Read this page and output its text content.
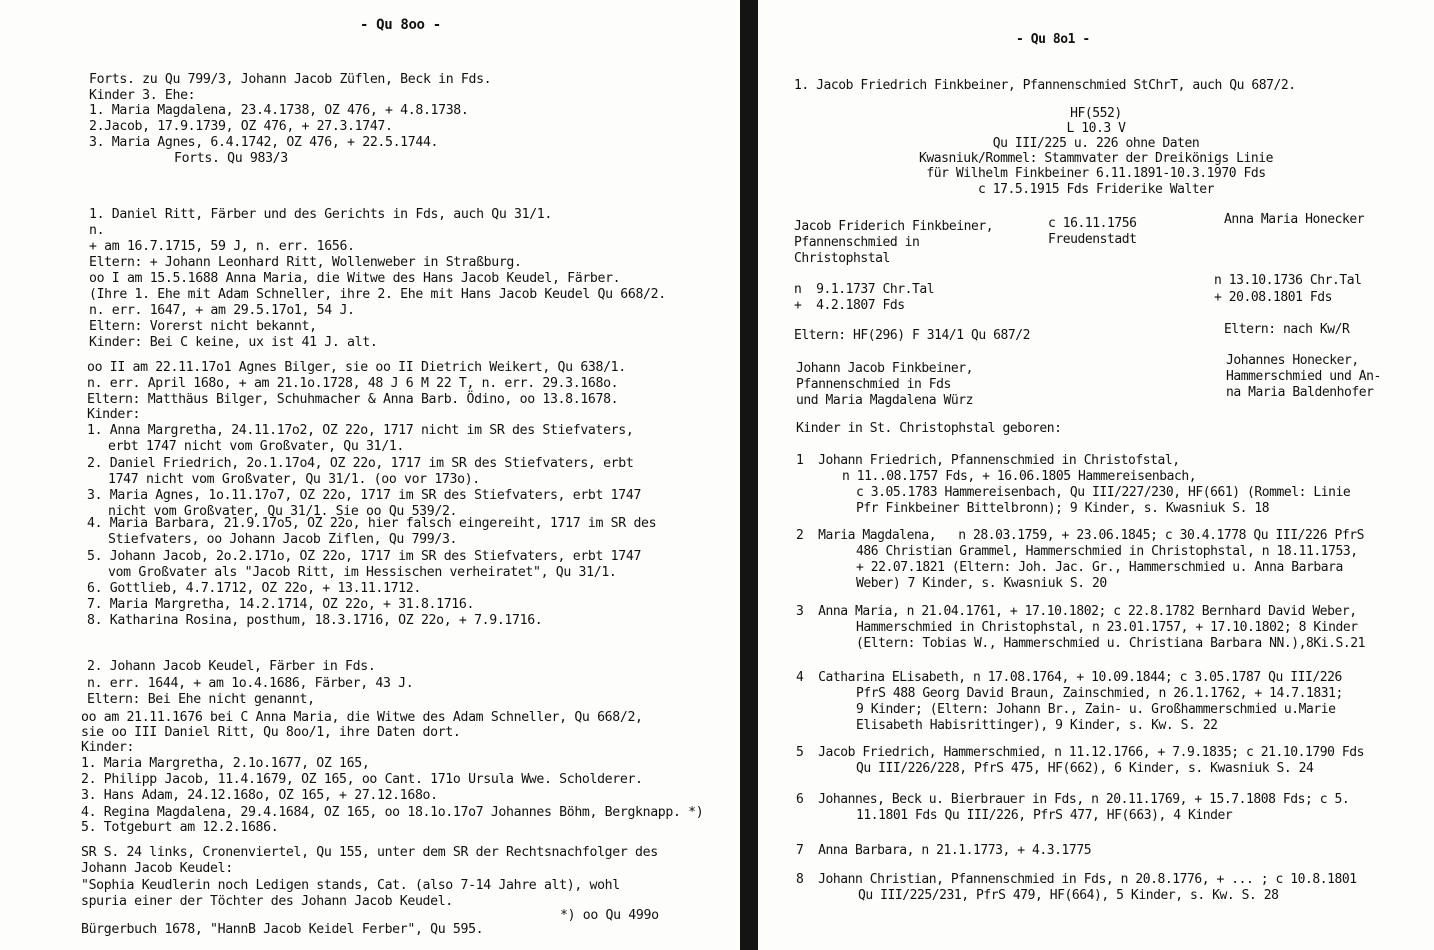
- Qu 8oo -
Forts. zu Qu 799/3, Johann Jacob Züflen, Beck in Fds.
Kinder 3. Ehe:
1. Maria Magdalena, 23.4.1738, OZ 476, + 4.8.1738.
2.Jacob, 17.9.1739, OZ 476, + 27.3.1747.
3. Maria Agnes, 6.4.1742, OZ 476, + 22.5.1744.
Forts. Qu 983/3
1. Daniel Ritt, Färber und des Gerichts in Fds, auch Qu 31/1.
n.
+ am 16.7.1715, 59 J, n. err. 1656.
Eltern: + Johann Leonhard Ritt, Wollenweber in Straßburg.
oo I am 15.5.1688 Anna Maria, die Witwe des Hans Jacob Keudel, Färber.
(Ihre 1. Ehe mit Adam Schneller, ihre 2. Ehe mit Hans Jacob Keudel Qu 668/2.
n. err. 1647, + am 29.5.17o1, 54 J.
Eltern: Vorerst nicht bekannt,
Kinder: Bei C keine, ux ist 41 J. alt.
oo II am 22.11.17o1 Agnes Bilger, sie oo II Dietrich Weikert, Qu 638/1.
n. err. April 168o, + am 21.1o.1728, 48 J 6 M 22 T, n. err. 29.3.168o.
Eltern: Matthäus Bilger, Schuhmacher & Anna Barb. Ödino, oo 13.8.1678.
Kinder:
1. Anna Margretha, 24.11.17o2, OZ 22o, 1717 nicht im SR des Stiefvaters,
erbt 1747 nicht vom Großvater, Qu 31/1.
2. Daniel Friedrich, 2o.1.17o4, OZ 22o, 1717 im SR des Stiefvaters, erbt
1747 nicht vom Großvater, Qu 31/1. (oo vor 173o).
3. Maria Agnes, 1o.11.17o7, OZ 22o, 1717 im SR des Stiefvaters, erbt 1747
nicht vom Großvater, Qu 31/1. Sie oo Qu 539/2.
4. Maria Barbara, 21.9.17o5, OZ 22o, hier falsch eingereiht, 1717 im SR des
Stiefvaters, oo Johann Jacob Ziflen, Qu 799/3.
5. Johann Jacob, 2o.2.171o, OZ 22o, 1717 im SR des Stiefvaters, erbt 1747
vom Großvater als "Jacob Ritt, im Hessischen verheiratet", Qu 31/1.
6. Gottlieb, 4.7.1712, OZ 22o, + 13.11.1712.
7. Maria Margretha, 14.2.1714, OZ 22o, + 31.8.1716.
8. Katharina Rosina, posthum, 18.3.1716, OZ 22o, + 7.9.1716.
2. Johann Jacob Keudel, Färber in Fds.
n. err. 1644, + am 1o.4.1686, Färber, 43 J.
Eltern: Bei Ehe nicht genannt,
oo am 21.11.1676 bei C Anna Maria, die Witwe des Adam Schneller, Qu 668/2,
sie oo III Daniel Ritt, Qu 8oo/1, ihre Daten dort.
Kinder:
1. Maria Margretha, 2.1o.1677, OZ 165,
2. Philipp Jacob, 11.4.1679, OZ 165, oo Cant. 171o Ursula Wwe. Scholderer.
3. Hans Adam, 24.12.168o, OZ 165, + 27.12.168o.
4. Regina Magdalena, 29.4.1684, OZ 165, oo 18.1o.17o7 Johannes Böhm, Bergknapp. *)
5. Totgeburt am 12.2.1686.
SR S. 24 links, Cronenviertel, Qu 155, unter dem SR der Rechtsnachfolger des
Johann Jacob Keudel:
"Sophia Keudlerin noch Ledigen stands, Cat. (also 7-14 Jahre alt), wohl
spuria einer der Töchter des Johann Jacob Keudel.
*) oo Qu 499o
Bürgerbuch 1678, "HannB Jacob Keidel Ferber", Qu 595.
- Qu 8o1 -
1. Jacob Friedrich Finkbeiner, Pfannenschmied StChrT, auch Qu 687/2.
HF(552)
L 10.3 V
Qu III/225 u. 226 ohne Daten
Kwasniuk/Rommel: Stammvater der Dreikönigs Linie
für Wilhelm Finkbeiner 6.11.1891-10.3.1970 Fds
c 17.5.1915 Fds Friderike Walter
Jacob Friderich Finkbeiner,
Pfannenschmied in
Christophstal
c 16.11.1756
Freudenstadt
Anna Maria Honecker
n  9.1.1737 Chr.Tal
+  4.2.1807 Fds
n 13.10.1736 Chr.Tal
+ 20.08.1801 Fds
Eltern: HF(296) F 314/1 Qu 687/2	Eltern: nach Kw/R
Johann Jacob Finkbeiner,
Pfannenschmied in Fds
und Maria Magdalena Würz
Johannes Honecker,
Hammerschmied und An-
na Maria Baldenhofer
Kinder in St. Christophstal geboren:
1  Johann Friedrich, Pfannenschmied in Christofstal,
n 11..08.1757 Fds, + 16.06.1805 Hammereisenbach,
c 3.05.1783 Hammereisenbach, Qu III/227/230, HF(661) (Rommel: Linie
Pfr Finkbeiner Bittelbronn); 9 Kinder, s. Kwasniuk S. 18
2  Maria Magdalena,   n 28.03.1759, + 23.06.1845; c 30.4.1778 Qu III/226 PfrS
486 Christian Grammel, Hammerschmied in Christophstal, n 18.11.1753,
+ 22.07.1821 (Eltern: Joh. Jac. Gr., Hammerschmied u. Anna Barbara
Weber) 7 Kinder, s. Kwasniuk S. 20
3  Anna Maria, n 21.04.1761, + 17.10.1802; c 22.8.1782 Bernhard David Weber,
Hammerschmied in Christophstal, n 23.01.1757, + 17.10.1802; 8 Kinder
(Eltern: Tobias W., Hammerschmied u. Christiana Barbara NN.),8Ki.S.21
4  Catharina ELisabeth, n 17.08.1764, + 10.09.1844; c 3.05.1787 Qu III/226
PfrS 488 Georg David Braun, Zainschmied, n 26.1.1762, + 14.7.1831;
9 Kinder; (Eltern: Johann Br., Zain- u. Großhammerschmied u.Marie
Elisabeth Habisrittinger), 9 Kinder, s. Kw. S. 22
5  Jacob Friedrich, Hammerschmied, n 11.12.1766, + 7.9.1835; c 21.10.1790 Fds
Qu III/226/228, PfrS 475, HF(662), 6 Kinder, s. Kwasniuk S. 24
6  Johannes, Beck u. Bierbrauer in Fds, n 20.11.1769, + 15.7.1808 Fds; c 5.
11.1801 Fds Qu III/226, PfrS 477, HF(663), 4 Kinder
7  Anna Barbara, n 21.1.1773, + 4.3.1775
8  Johann Christian, Pfannenschmied in Fds, n 20.8.1776, + ... ; c 10.8.1801
Qu III/225/231, PfrS 479, HF(664), 5 Kinder, s. Kw. S. 28
